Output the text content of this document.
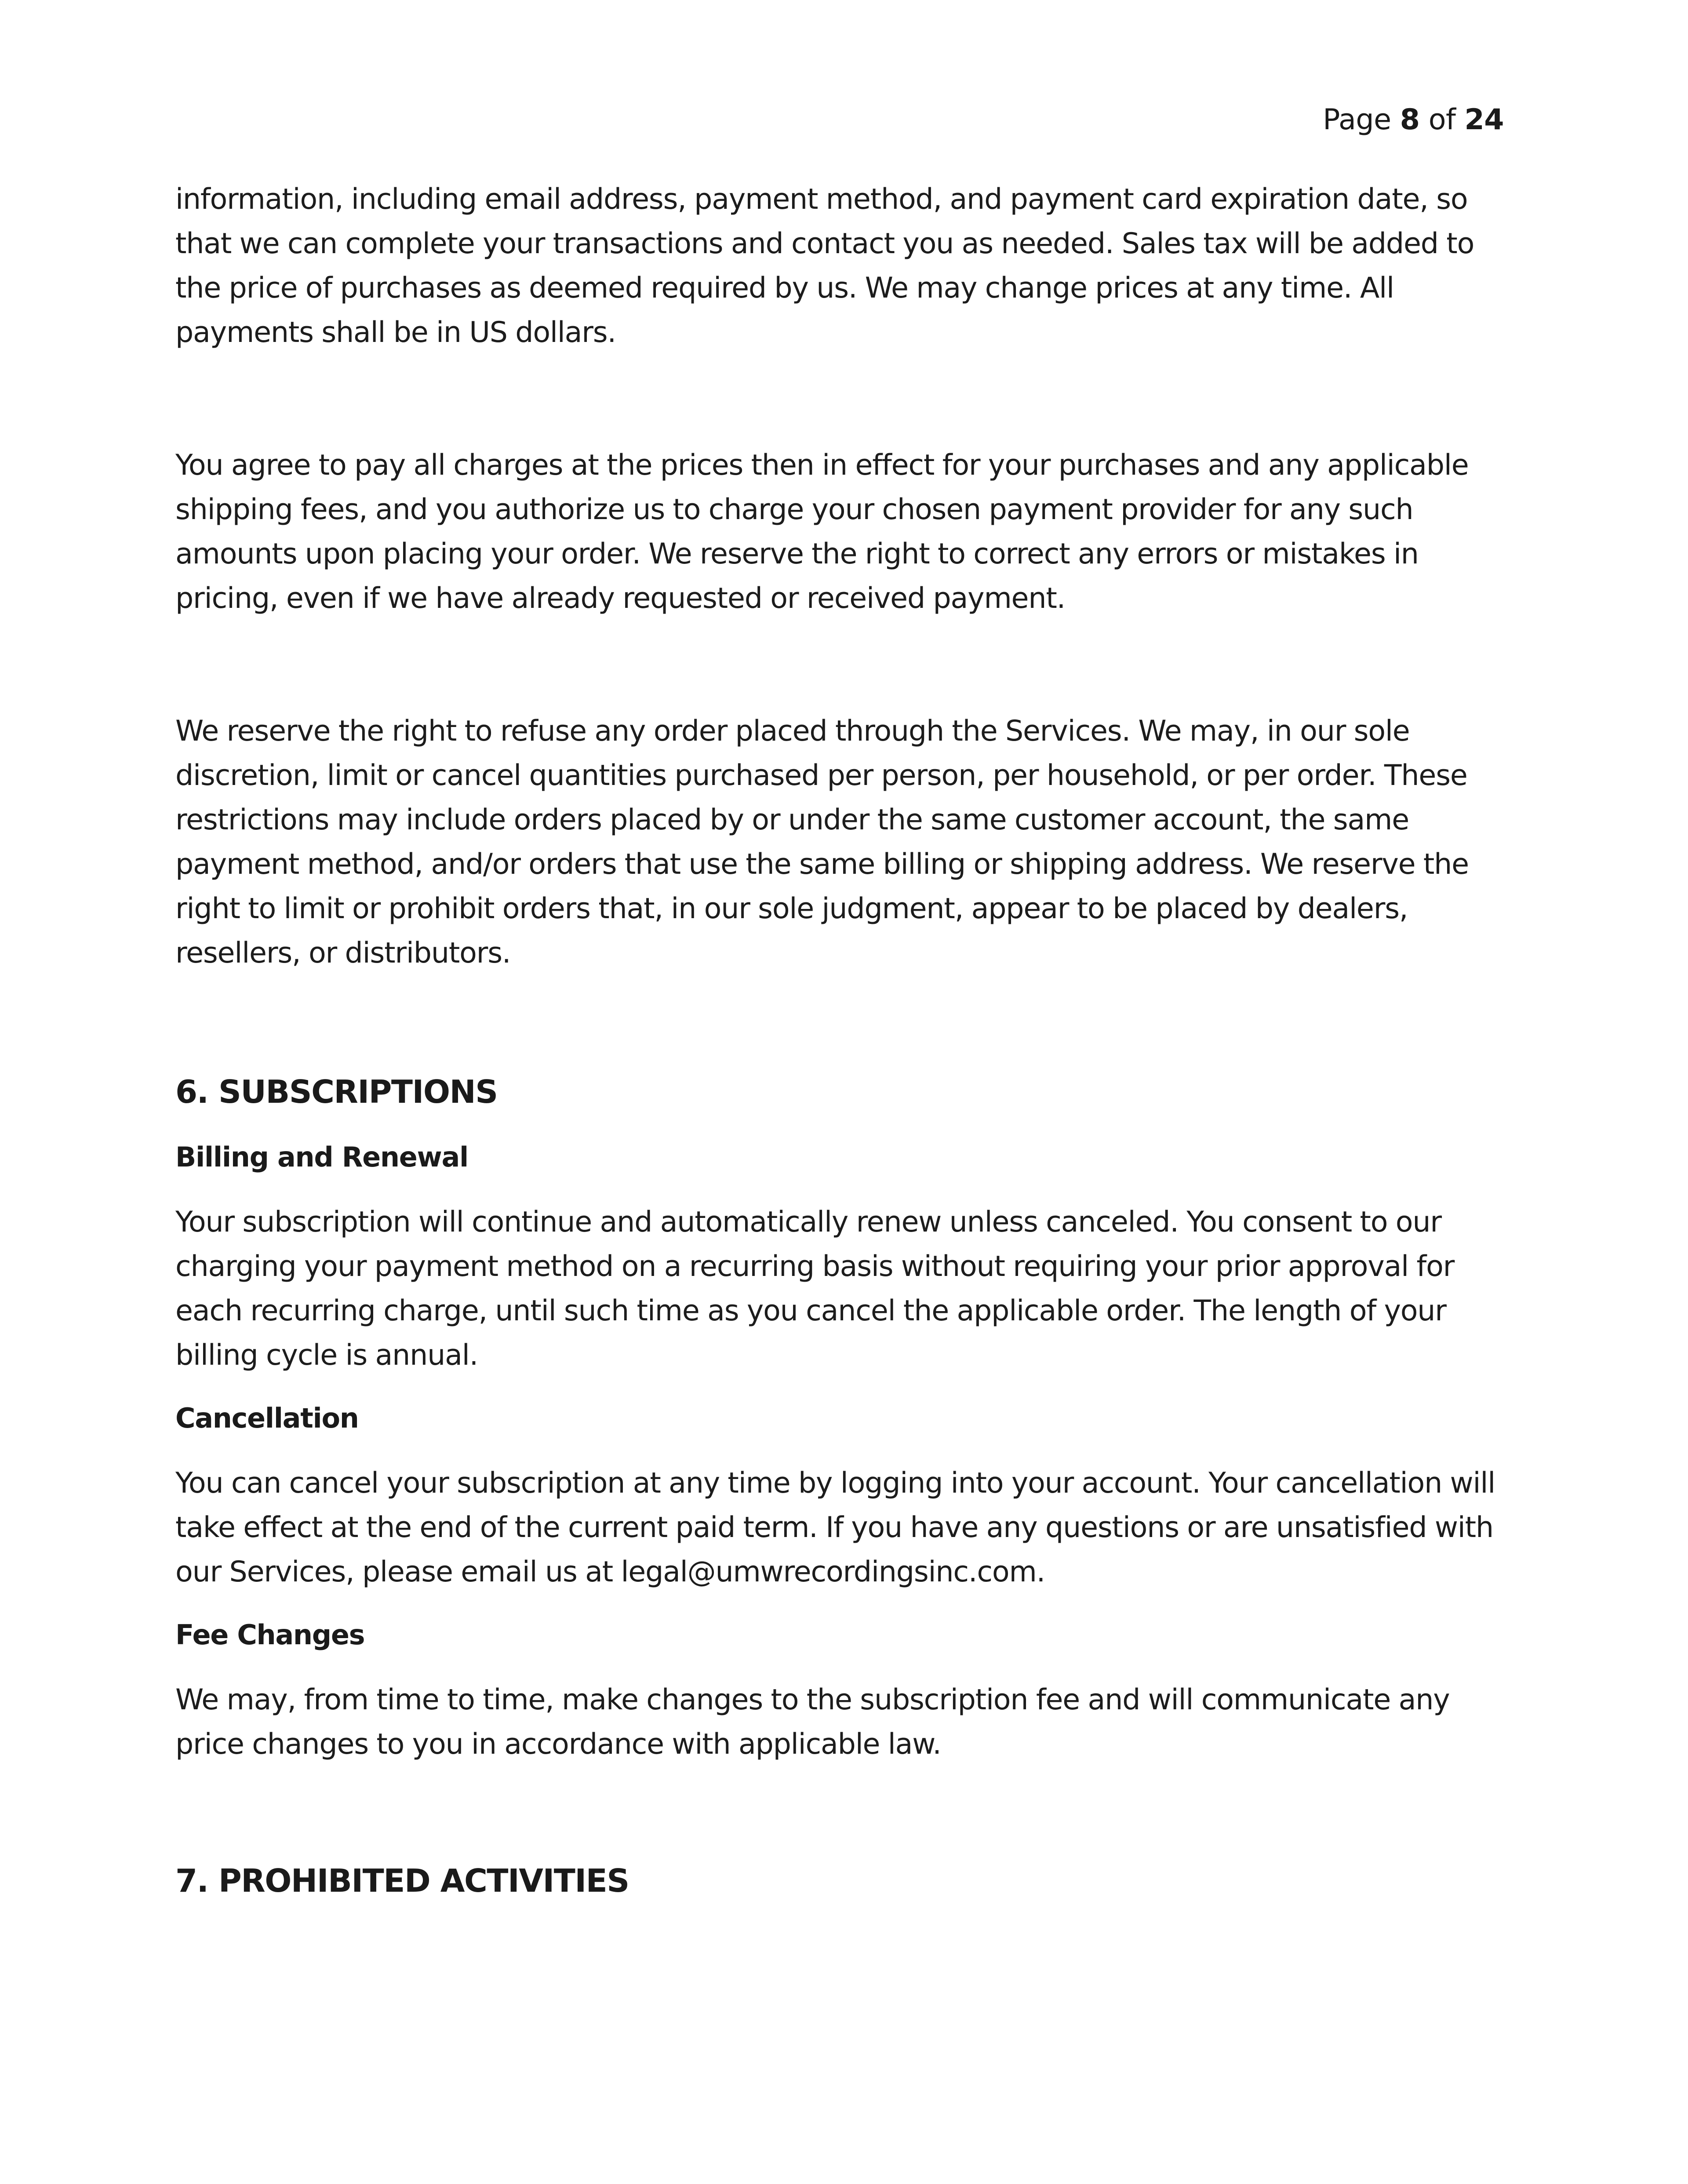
Page 8 of 24

information, including email address, payment method, and payment card expiration date, so that we can complete your transactions and contact you as needed. Sales tax will be added to the price of purchases as deemed required by us. We may change prices at any time. All payments shall be in US dollars.

You agree to pay all charges at the prices then in effect for your purchases and any applicable shipping fees, and you authorize us to charge your chosen payment provider for any such amounts upon placing your order. We reserve the right to correct any errors or mistakes in pricing, even if we have already requested or received payment.

We reserve the right to refuse any order placed through the Services. We may, in our sole discretion, limit or cancel quantities purchased per person, per household, or per order. These restrictions may include orders placed by or under the same customer account, the same payment method, and/or orders that use the same billing or shipping address. We reserve the right to limit or prohibit orders that, in our sole judgment, appear to be placed by dealers, resellers, or distributors.

6. SUBSCRIPTIONS
Billing and Renewal

Your subscription will continue and automatically renew unless canceled. You consent to our charging your payment method on a recurring basis without requiring your prior approval for each recurring charge, until such time as you cancel the applicable order. The length of your billing cycle is annual.

Cancellation

You can cancel your subscription at any time by logging into your account. Your cancellation will take effect at the end of the current paid term. If you have any questions or are unsatisfied with our Services, please email us at legal@umwrecordingsinc.com.

Fee Changes

We may, from time to time, make changes to the subscription fee and will communicate any price changes to you in accordance with applicable law.

7. PROHIBITED ACTIVITIES
